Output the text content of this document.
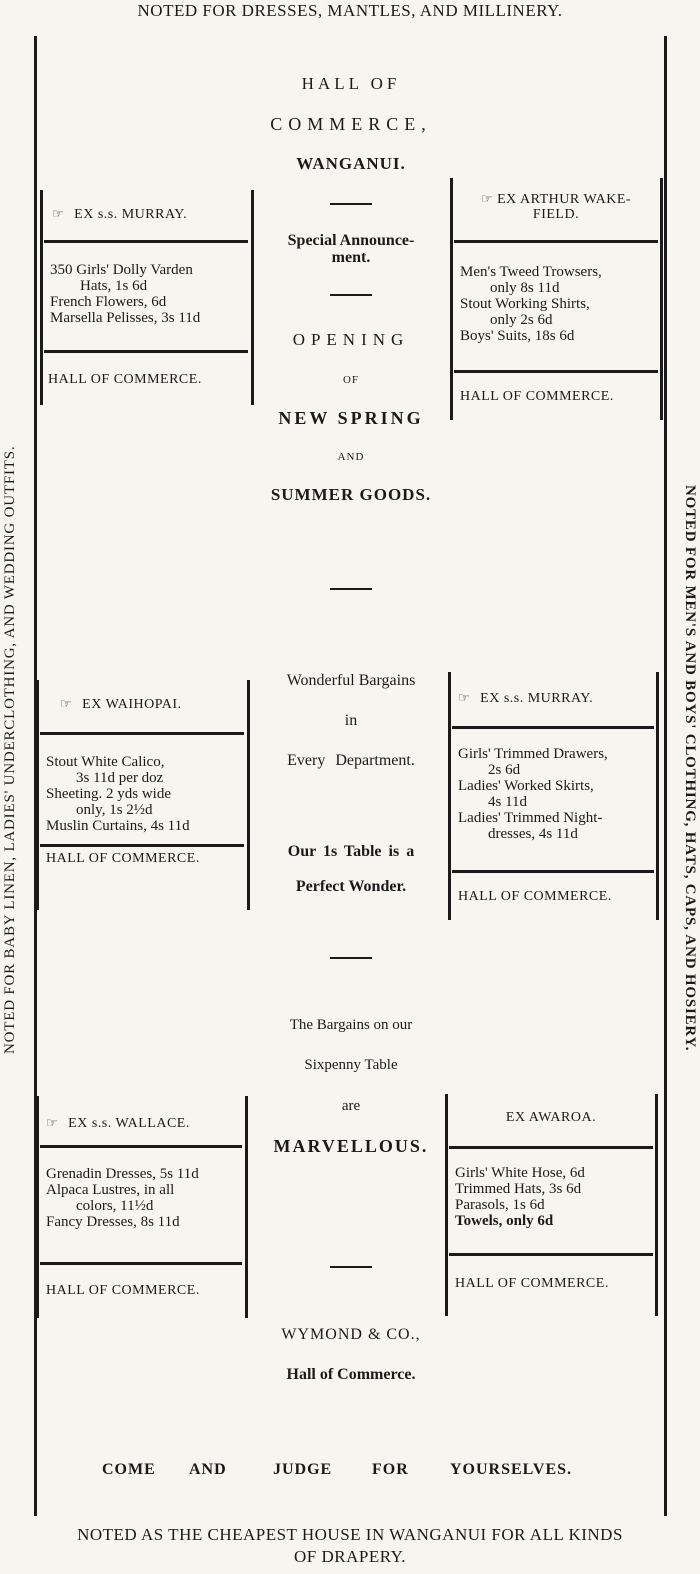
NOTED FOR DRESSES, MANTLES, AND MILLINERY.
NOTED FOR BABY LINEN, LADIES' UNDERCLOTHING, AND WEDDING OUTFITS.	NOTED FOR MEN'S AND BOYS' CLOTHING, HATS, CAPS, AND HOSIERY.
NOTED AS THE CHEAPEST HOUSE IN WANGANUI FOR ALL KINDS
OF DRAPERY.
HALL OF
COMMERCE,
WANGANUI.
Special Announce-
ment.
OPENING
OF
NEW SPRING
AND
SUMMER GOODS.
Wonderful Bargains
in
Every Department.
Our 1s Table is a
Perfect Wonder.
The Bargains on our
Sixpenny Table
are
MARVELLOUS.
WYMOND & CO.,
Hall of Commerce.
COME AND	JUDGE FOR	YOURSELVES.
☞ EX s.s. MURRAY.
350 Girls' Dolly Varden
Hats, 1s 6d
French Flowers, 6d
Marsella Pelisses, 3s 11d
HALL OF COMMERCE.
☞ EX ARTHUR WAKE-
FIELD.
Men's Tweed Trowsers,
only 8s 11d
Stout Working Shirts,
only 2s 6d
Boys' Suits, 18s 6d
HALL OF COMMERCE.
☞ EX WAIHOPAI.
Stout White Calico,
3s 11d per doz
Sheeting. 2 yds wide
only, 1s 2½d
Muslin Curtains, 4s 11d
HALL OF COMMERCE.
☞ EX s.s. MURRAY.
Girls' Trimmed Drawers,
2s 6d
Ladies' Worked Skirts,
4s 11d
Ladies' Trimmed Night-
dresses, 4s 11d
HALL OF COMMERCE.
☞ EX s.s. WALLACE.
Grenadin Dresses, 5s 11d
Alpaca Lustres, in all
colors, 11½d
Fancy Dresses, 8s 11d
HALL OF COMMERCE.
EX AWAROA.
Girls' White Hose, 6d
Trimmed Hats, 3s 6d
Parasols, 1s 6d
Towels, only 6d
HALL OF COMMERCE.
